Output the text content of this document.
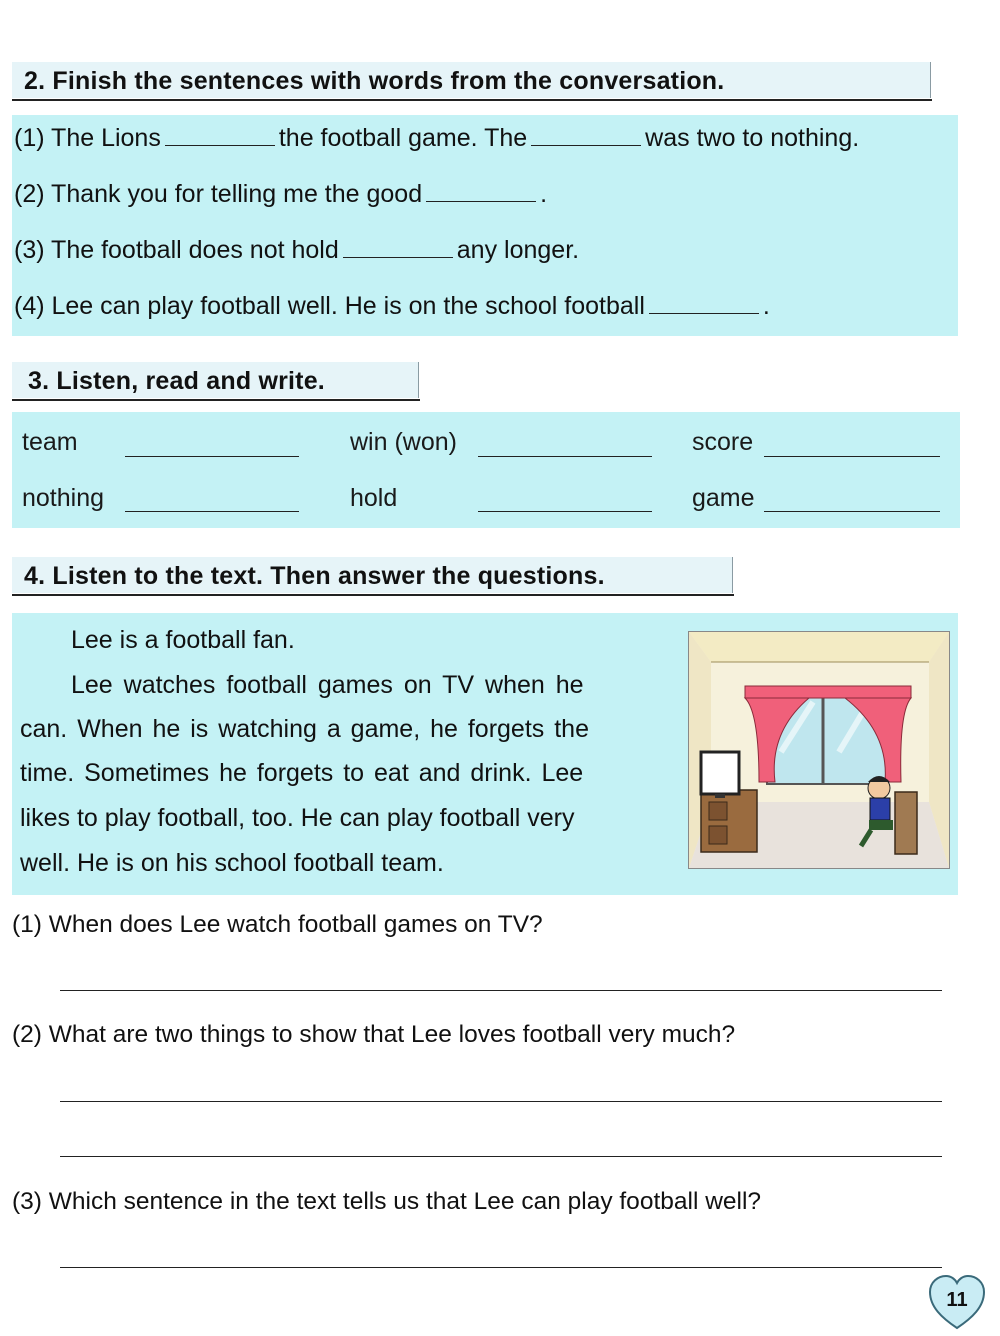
2. Finish the sentences with words from the conversation.
(1) The Lions	the football game. The	was two to nothing.
(2) Thank you for telling me the good	.
(3) The football does not hold	any longer.
(4) Lee can play football well. He is on the school football	.
3. Listen, read and write.
team	win (won)	score
nothing	hold	game
4. Listen to the text. Then answer the questions.
Lee is a football fan.
Lee watches football games on TV when he
can. When he is watching a game, he forgets the
time. Sometimes he forgets to eat and drink. Lee
likes to play football, too. He can play football very
well. He is on his school football team.
(1) When does Lee watch football games on TV?
(2) What are two things to show that Lee loves football very much?
(3) Which sentence in the text tells us that Lee can play football well?
11
